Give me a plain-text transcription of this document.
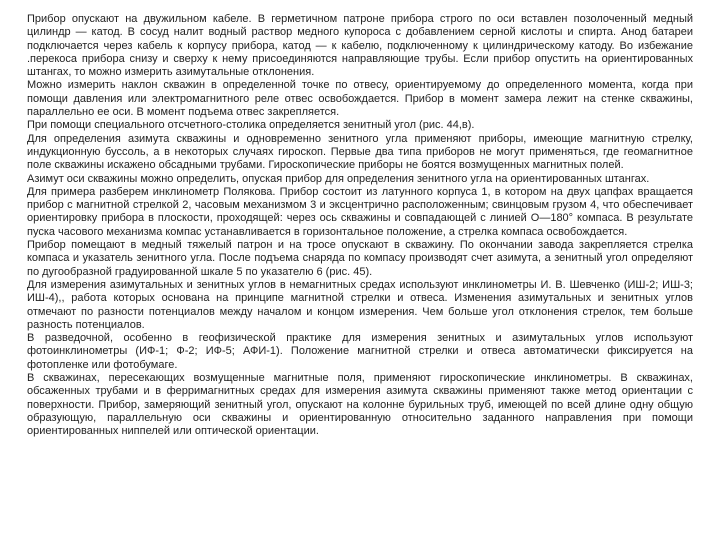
Прибор опускают на двужильном кабеле. В герметичном патроне прибора строго по оси вставлен позолоченный медный цилиндр — катод. В сосуд налит водный раствор медного купороса с добавлением серной кислоты и спирта. Анод батареи подключается через кабель к корпусу прибора, катод — к кабелю, подключенному к цилиндрическому катоду. Во избежание .перекоса прибора снизу и сверху к нему присоединяются направляющие трубы. Если прибор опустить на ориентированных штангах, то можно измерить азимутальные отклонения.

Можно измерить наклон скважин в определенной точке по отвесу, ориентируемому до определенного момента, когда при помощи давления или электромагнитного реле отвес освобождается. Прибор в момент замера лежит на стенке скважины, параллельно ее оси. В момент подъема отвес закрепляется.

При помощи специального отсчетного-столика определяется зенитный угол (рис. 44,в).

Для определения азимута скважины и одновременно зенитного угла применяют приборы, имеющие магнитную стрелку, индукционную буссоль, а в некоторых случаях гироскоп. Первые два типа приборов не могут применяться, где геомагнитное поле скважины искажено обсадными трубами. Гироскопические приборы не боятся возмущенных магнитных полей.

Азимут оси скважины можно определить, опуская прибор для определения зенитного угла на ориентированных штангах.

Для примера разберем инклинометр Полякова. Прибор состоит из латунного корпуса 1, в котором на двух цапфах вращается прибор с магнитной стрелкой 2, часовым механизмом 3 и эксцентрично расположенным; свинцовым грузом 4, что обеспечивает ориентировку прибора в плоскости, проходящей: через ось скважины и совпадающей с линией О—180° компаса. В результате пуска часового механизма компас устанавливается в горизонтальное положение, а стрелка компаса освобождается.

Прибор помещают в медный тяжелый патрон и на тросе опускают в скважину. По окончании завода закрепляется стрелка компаса и указатель зенитного угла. После подъема снаряда по компасу производят счет азимута, а зенитный угол определяют по дугообразной градуированной шкале 5 по указателю 6 (рис. 45).

Для измерения азимутальных и зенитных углов в немагнитных средах используют инклинометры И. В. Шевченко (ИШ-2; ИШ-3; ИШ-4),, работа которых основана на принципе магнитной стрелки и отвеса. Изменения азимутальных и зенитных углов отмечают по разности потенциалов между началом и концом измерения. Чем больше угол отклонения стрелок, тем больше разность потенциалов.

В разведочной, особенно в геофизической практике для измерения зенитных и азимутальных углов используют фотоинклинометры (ИФ-1; Ф-2; ИФ-5; АФИ-1). Положение магнитной стрелки и отвеса автоматически фиксируется на фотопленке или фотобумаге.

В скважинах, пересекающих возмущенные магнитные поля, применяют гироскопические инклинометры. В скважинах, обсаженных трубами и в ферримагнитных средах для измерения азимута скважины применяют также метод ориентации с поверхности. Прибор, замеряющий зенитный угол, опускают на колонне бурильных труб, имеющей по всей длине одну общую образующую, параллельную оси скважины и ориентированную относительно заданного направления при помощи ориентированных ниппелей или оптической ориентации.
